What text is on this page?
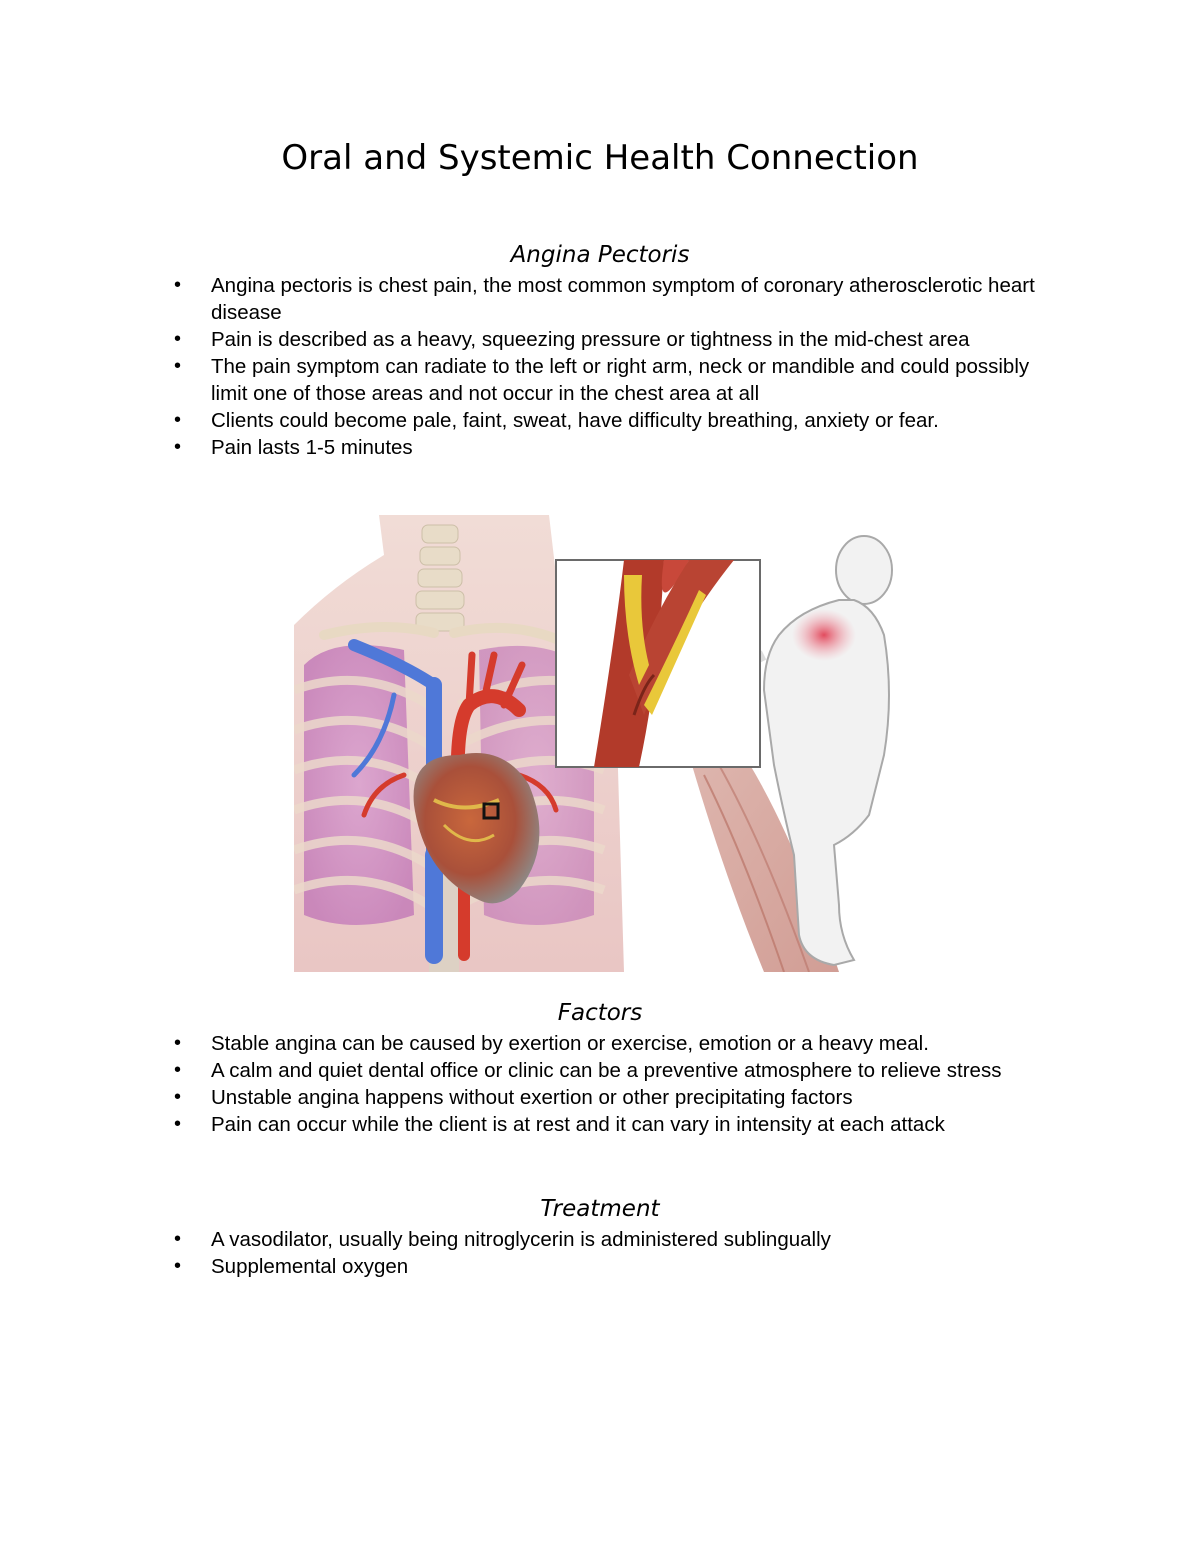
Oral and Systemic Health Connection
Angina Pectoris
• Angina pectoris is chest pain, the most common symptom of coronary atherosclerotic heart disease
• Pain is described as a heavy, squeezing pressure or tightness in the mid-chest area
• The pain symptom can radiate to the left or right arm, neck or mandible and could possibly limit one of those areas and not occur in the chest area at all
• Clients could become pale, faint, sweat, have difficulty breathing, anxiety or fear.
• Pain lasts 1-5 minutes
Factors
• Stable angina can be caused by exertion or exercise, emotion or a heavy meal.
• A calm and quiet dental office or clinic can be a preventive atmosphere to relieve stress
• Unstable angina happens without exertion or other precipitating factors
• Pain can occur while the client is at rest and it can vary in intensity at each attack
Treatment
• A vasodilator, usually being nitroglycerin is administered sublingually
• Supplemental oxygen
